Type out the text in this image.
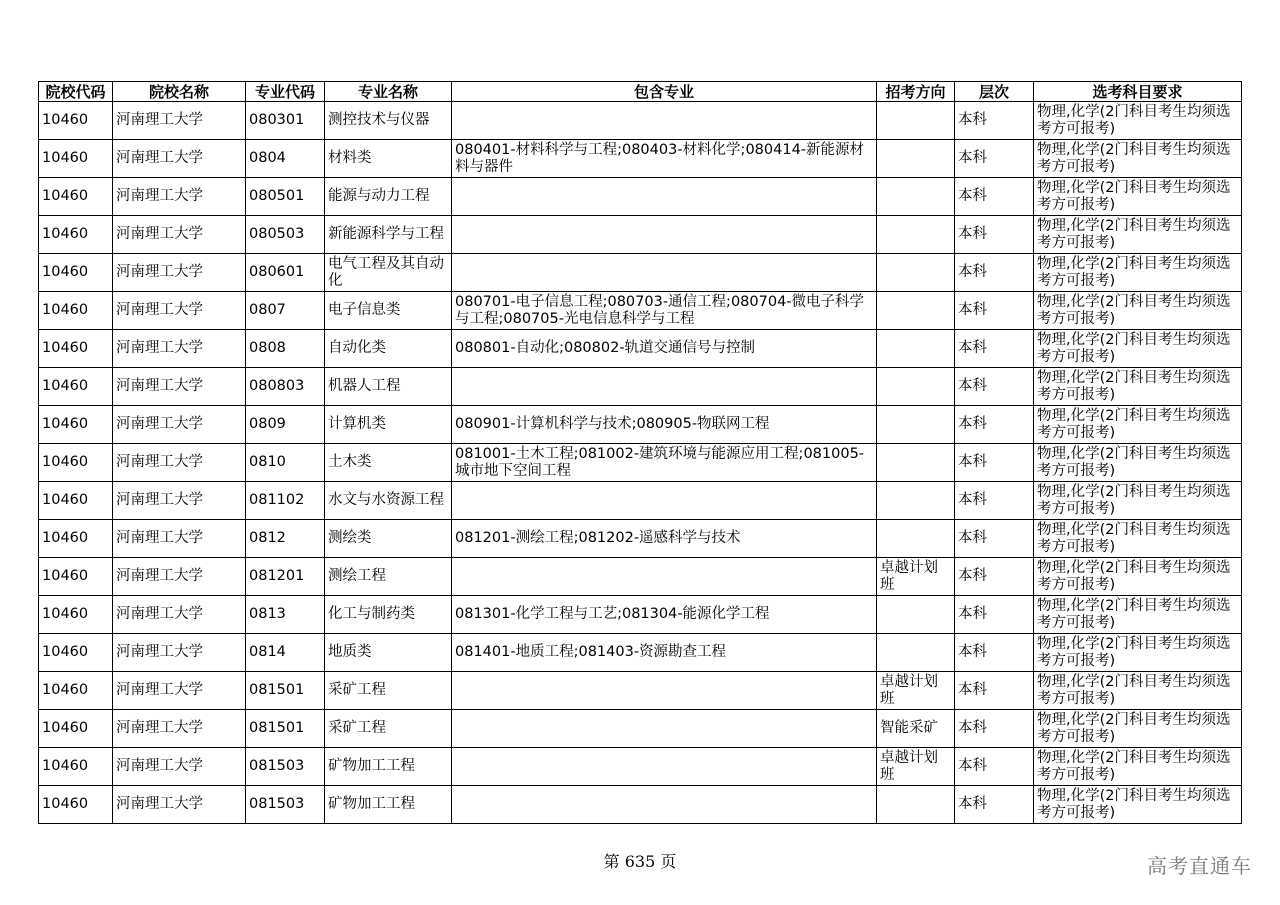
院校代码	院校名称	专业代码	专业名称	包含专业	招考方向	层次	选考科目要求
10460	河南理工大学	080301	测控技术与仪器			本科	物理,化学(2门科目考生均须选考方可报考)
10460	河南理工大学	0804	材料类	080401-材料科学与工程;080403-材料化学;080414-新能源材料与器件		本科	物理,化学(2门科目考生均须选考方可报考)
10460	河南理工大学	080501	能源与动力工程			本科	物理,化学(2门科目考生均须选考方可报考)
10460	河南理工大学	080503	新能源科学与工程			本科	物理,化学(2门科目考生均须选考方可报考)
10460	河南理工大学	080601	电气工程及其自动化			本科	物理,化学(2门科目考生均须选考方可报考)
10460	河南理工大学	0807	电子信息类	080701-电子信息工程;080703-通信工程;080704-微电子科学与工程;080705-光电信息科学与工程		本科	物理,化学(2门科目考生均须选考方可报考)
10460	河南理工大学	0808	自动化类	080801-自动化;080802-轨道交通信号与控制		本科	物理,化学(2门科目考生均须选考方可报考)
10460	河南理工大学	080803	机器人工程			本科	物理,化学(2门科目考生均须选考方可报考)
10460	河南理工大学	0809	计算机类	080901-计算机科学与技术;080905-物联网工程		本科	物理,化学(2门科目考生均须选考方可报考)
10460	河南理工大学	0810	土木类	081001-土木工程;081002-建筑环境与能源应用工程;081005-城市地下空间工程		本科	物理,化学(2门科目考生均须选考方可报考)
10460	河南理工大学	081102	水文与水资源工程			本科	物理,化学(2门科目考生均须选考方可报考)
10460	河南理工大学	0812	测绘类	081201-测绘工程;081202-遥感科学与技术		本科	物理,化学(2门科目考生均须选考方可报考)
10460	河南理工大学	081201	测绘工程		卓越计划班	本科	物理,化学(2门科目考生均须选考方可报考)
10460	河南理工大学	0813	化工与制药类	081301-化学工程与工艺;081304-能源化学工程		本科	物理,化学(2门科目考生均须选考方可报考)
10460	河南理工大学	0814	地质类	081401-地质工程;081403-资源勘查工程		本科	物理,化学(2门科目考生均须选考方可报考)
10460	河南理工大学	081501	采矿工程		卓越计划班	本科	物理,化学(2门科目考生均须选考方可报考)
10460	河南理工大学	081501	采矿工程		智能采矿	本科	物理,化学(2门科目考生均须选考方可报考)
10460	河南理工大学	081503	矿物加工工程		卓越计划班	本科	物理,化学(2门科目考生均须选考方可报考)
10460	河南理工大学	081503	矿物加工工程			本科	物理,化学(2门科目考生均须选考方可报考)
第 635 页	高考直通车
